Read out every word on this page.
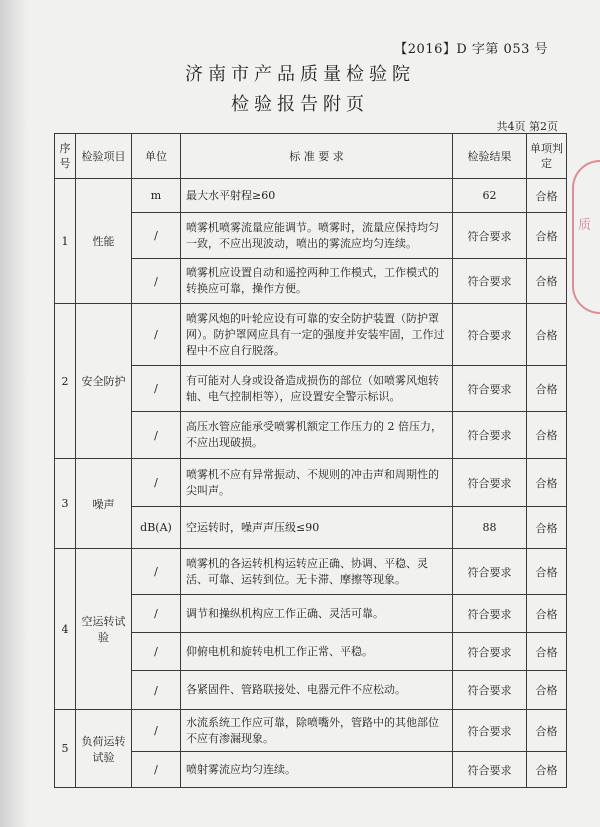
【2016】D 字第 053 号
济南市产品质量检验院
检验报告附页
共4页 第2页
序号	检验项目	单位	标 准 要 求	检验结果	单项判定
1	性能	m	最大水平射程≥60	62	合格
		/	喷雾机喷雾流量应能调节。喷雾时，流量应保持均匀一致，不应出现波动，喷出的雾流应均匀连续。	符合要求	合格
		/	喷雾机应设置自动和遥控两种工作模式，工作模式的转换应可靠，操作方便。	符合要求	合格
2	安全防护	/	喷雾风炮的叶轮应设有可靠的安全防护装置（防护罩网）。防护罩网应具有一定的强度并安装牢固，工作过程中不应自行脱落。	符合要求	合格
		/	有可能对人身或设备造成损伤的部位（如喷雾风炮转轴、电气控制柜等），应设置安全警示标识。	符合要求	合格
		/	高压水管应能承受喷雾机额定工作压力的 2 倍压力，不应出现破损。	符合要求	合格
3	噪声	/	喷雾机不应有异常振动、不规则的冲击声和周期性的尖叫声。	符合要求	合格
		dB(A)	空运转时，噪声声压级≤90	88	合格
4	空运转试验	/	喷雾机的各运转机构运转应正确、协调、平稳、灵活、可靠、运转到位。无卡滞、摩擦等现象。	符合要求	合格
		/	调节和操纵机构应工作正确、灵活可靠。	符合要求	合格
		/	仰俯电机和旋转电机工作正常、平稳。	符合要求	合格
		/	各紧固件、管路联接处、电器元件不应松动。	符合要求	合格
5	负荷运转试验	/	水流系统工作应可靠，除喷嘴外，管路中的其他部位不应有渗漏现象。	符合要求	合格
		/	喷射雾流应均匀连续。	符合要求	合格
质
